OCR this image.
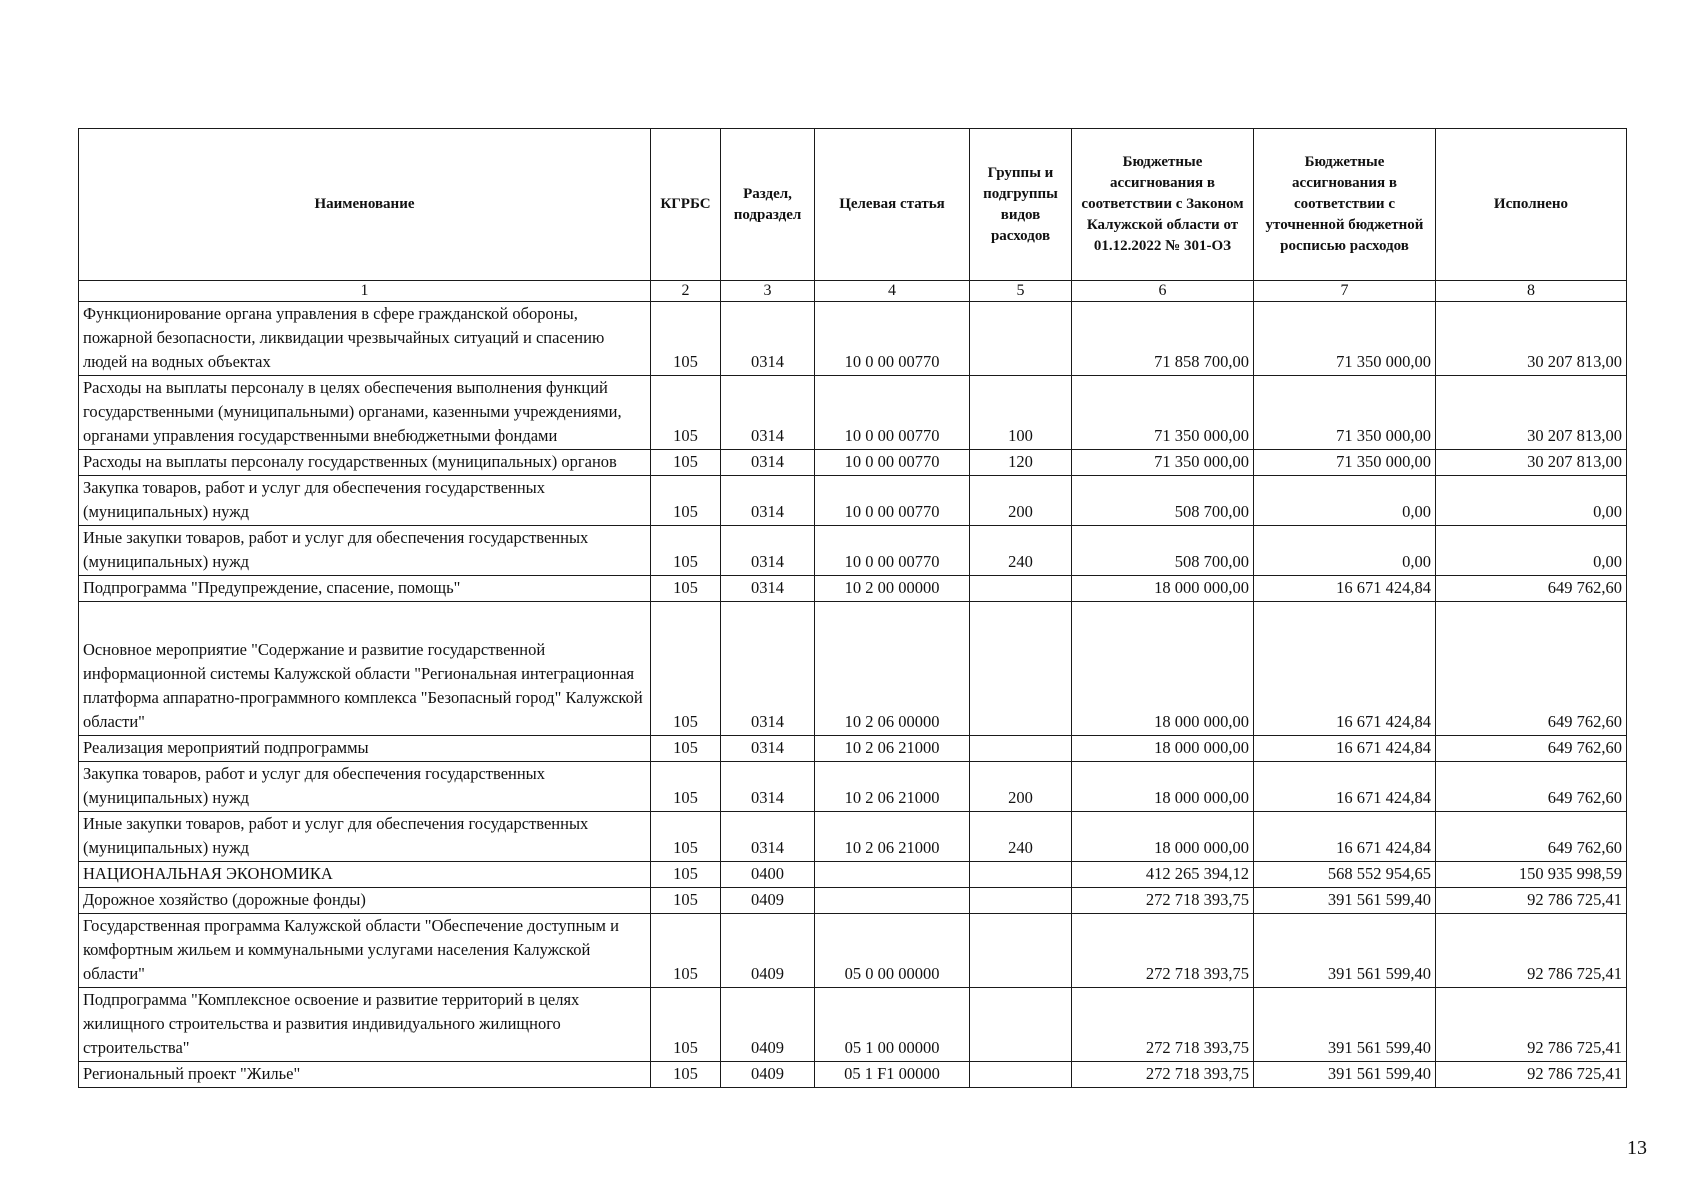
Наименование	КГРБС	Раздел, подраздел	Целевая статья	Группы и подгруппы видов расходов	Бюджетные ассигнования в соответствии с Законом Калужской области от 01.12.2022 № 301-ОЗ	Бюджетные ассигнования в соответствии с уточненной бюджетной росписью расходов	Исполнено
1	2	3	4	5	6	7	8
Функционирование органа управления в сфере гражданской обороны, пожарной безопасности, ликвидации чрезвычайных ситуаций и спасению людей на водных объектах	105	0314	10 0 00 00770		71 858 700,00	71 350 000,00	30 207 813,00
Расходы на выплаты персоналу в целях обеспечения выполнения функций государственными (муниципальными) органами, казенными учреждениями, органами управления государственными внебюджетными фондами	105	0314	10 0 00 00770	100	71 350 000,00	71 350 000,00	30 207 813,00
Расходы на выплаты персоналу государственных (муниципальных) органов	105	0314	10 0 00 00770	120	71 350 000,00	71 350 000,00	30 207 813,00
Закупка товаров, работ и услуг для обеспечения государственных (муниципальных) нужд	105	0314	10 0 00 00770	200	508 700,00	0,00	0,00
Иные закупки товаров, работ и услуг для обеспечения государственных (муниципальных) нужд	105	0314	10 0 00 00770	240	508 700,00	0,00	0,00
Подпрограмма "Предупреждение, спасение, помощь"	105	0314	10 2 00 00000		18 000 000,00	16 671 424,84	649 762,60
Основное мероприятие "Содержание и развитие государственной информационной системы Калужской области "Региональная интеграционная платформа аппаратно-программного комплекса "Безопасный город" Калужской области"	105	0314	10 2 06 00000		18 000 000,00	16 671 424,84	649 762,60
Реализация мероприятий подпрограммы	105	0314	10 2 06 21000		18 000 000,00	16 671 424,84	649 762,60
Закупка товаров, работ и услуг для обеспечения государственных (муниципальных) нужд	105	0314	10 2 06 21000	200	18 000 000,00	16 671 424,84	649 762,60
Иные закупки товаров, работ и услуг для обеспечения государственных (муниципальных) нужд	105	0314	10 2 06 21000	240	18 000 000,00	16 671 424,84	649 762,60
НАЦИОНАЛЬНАЯ ЭКОНОМИКА	105	0400			412 265 394,12	568 552 954,65	150 935 998,59
Дорожное хозяйство (дорожные фонды)	105	0409			272 718 393,75	391 561 599,40	92 786 725,41
Государственная программа Калужской области "Обеспечение доступным и комфортным жильем и коммунальными услугами населения Калужской области"	105	0409	05 0 00 00000		272 718 393,75	391 561 599,40	92 786 725,41
Подпрограмма "Комплексное освоение и развитие территорий в целях жилищного строительства и развития индивидуального жилищного строительства"	105	0409	05 1 00 00000		272 718 393,75	391 561 599,40	92 786 725,41
Региональный проект "Жилье"	105	0409	05 1 F1 00000		272 718 393,75	391 561 599,40	92 786 725,41
13
